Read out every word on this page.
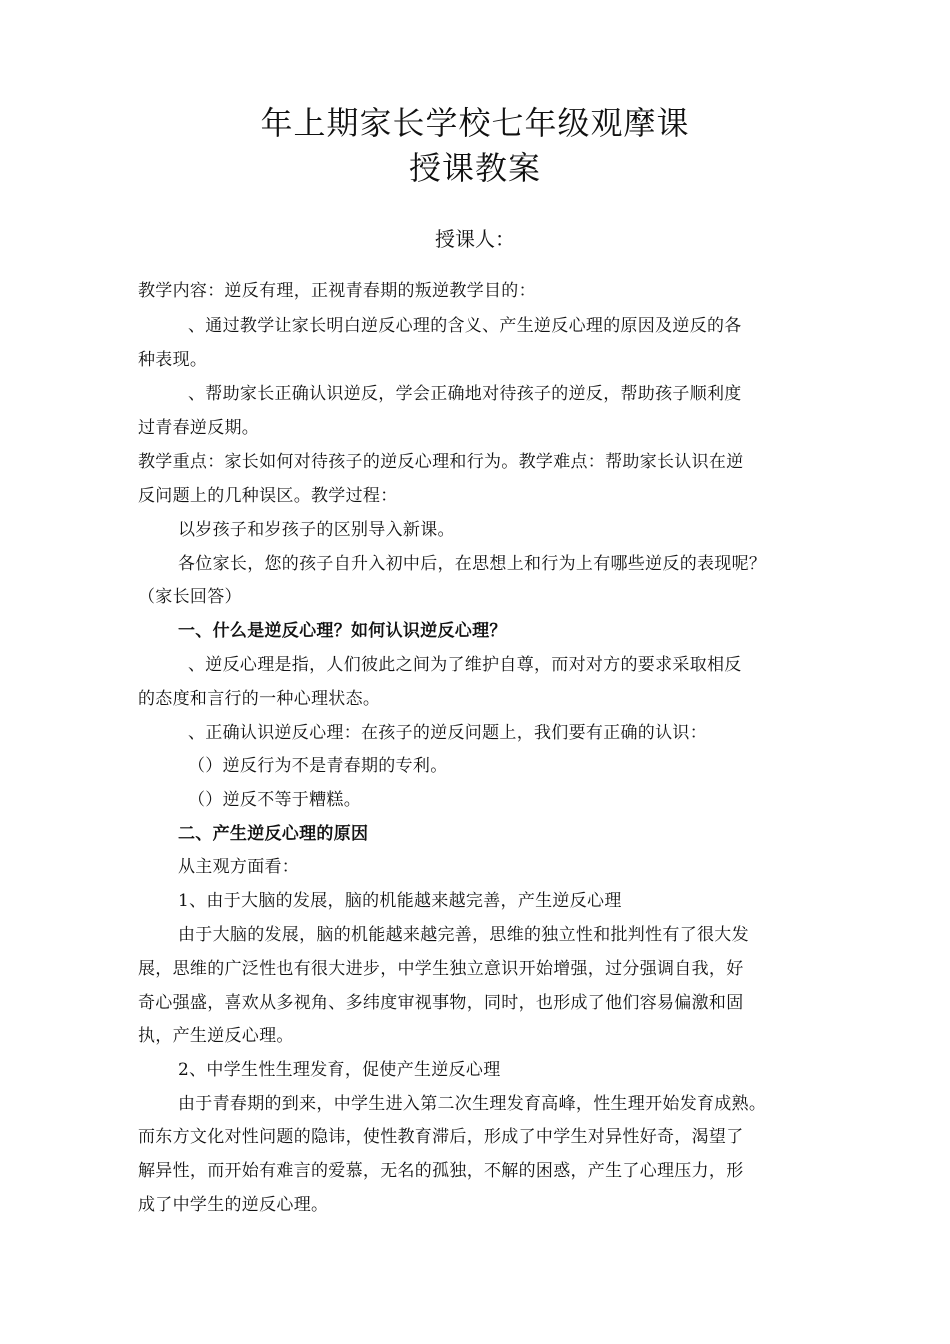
年上期家长学校七年级观摩课
授课教案
授课人：
教学内容：逆反有理，正视青春期的叛逆教学目的：
、通过教学让家长明白逆反心理的含义、产生逆反心理的原因及逆反的各
种表现。
、帮助家长正确认识逆反，学会正确地对待孩子的逆反，帮助孩子顺利度
过青春逆反期。
教学重点：家长如何对待孩子的逆反心理和行为。教学难点：帮助家长认识在逆
反问题上的几种误区。教学过程：
以岁孩子和岁孩子的区别导入新课。
各位家长，您的孩子自升入初中后，在思想上和行为上有哪些逆反的表现呢？
（家长回答）
一、什么是逆反心理？如何认识逆反心理？
、逆反心理是指，人们彼此之间为了维护自尊，而对对方的要求采取相反
的态度和言行的一种心理状态。
、正确认识逆反心理：在孩子的逆反问题上，我们要有正确的认识：
（）逆反行为不是青春期的专利。
（）逆反不等于糟糕。
二、产生逆反心理的原因
从主观方面看：
1、由于大脑的发展，脑的机能越来越完善，产生逆反心理
由于大脑的发展，脑的机能越来越完善，思维的独立性和批判性有了很大发
展，思维的广泛性也有很大进步，中学生独立意识开始增强，过分强调自我，好
奇心强盛，喜欢从多视角、多纬度审视事物，同时，也形成了他们容易偏激和固
执，产生逆反心理。
2、中学生性生理发育，促使产生逆反心理
由于青春期的到来，中学生进入第二次生理发育高峰，性生理开始发育成熟。
而东方文化对性问题的隐讳，使性教育滞后，形成了中学生对异性好奇，渴望了
解异性，而开始有难言的爱慕，无名的孤独，不解的困惑，产生了心理压力，形
成了中学生的逆反心理。
